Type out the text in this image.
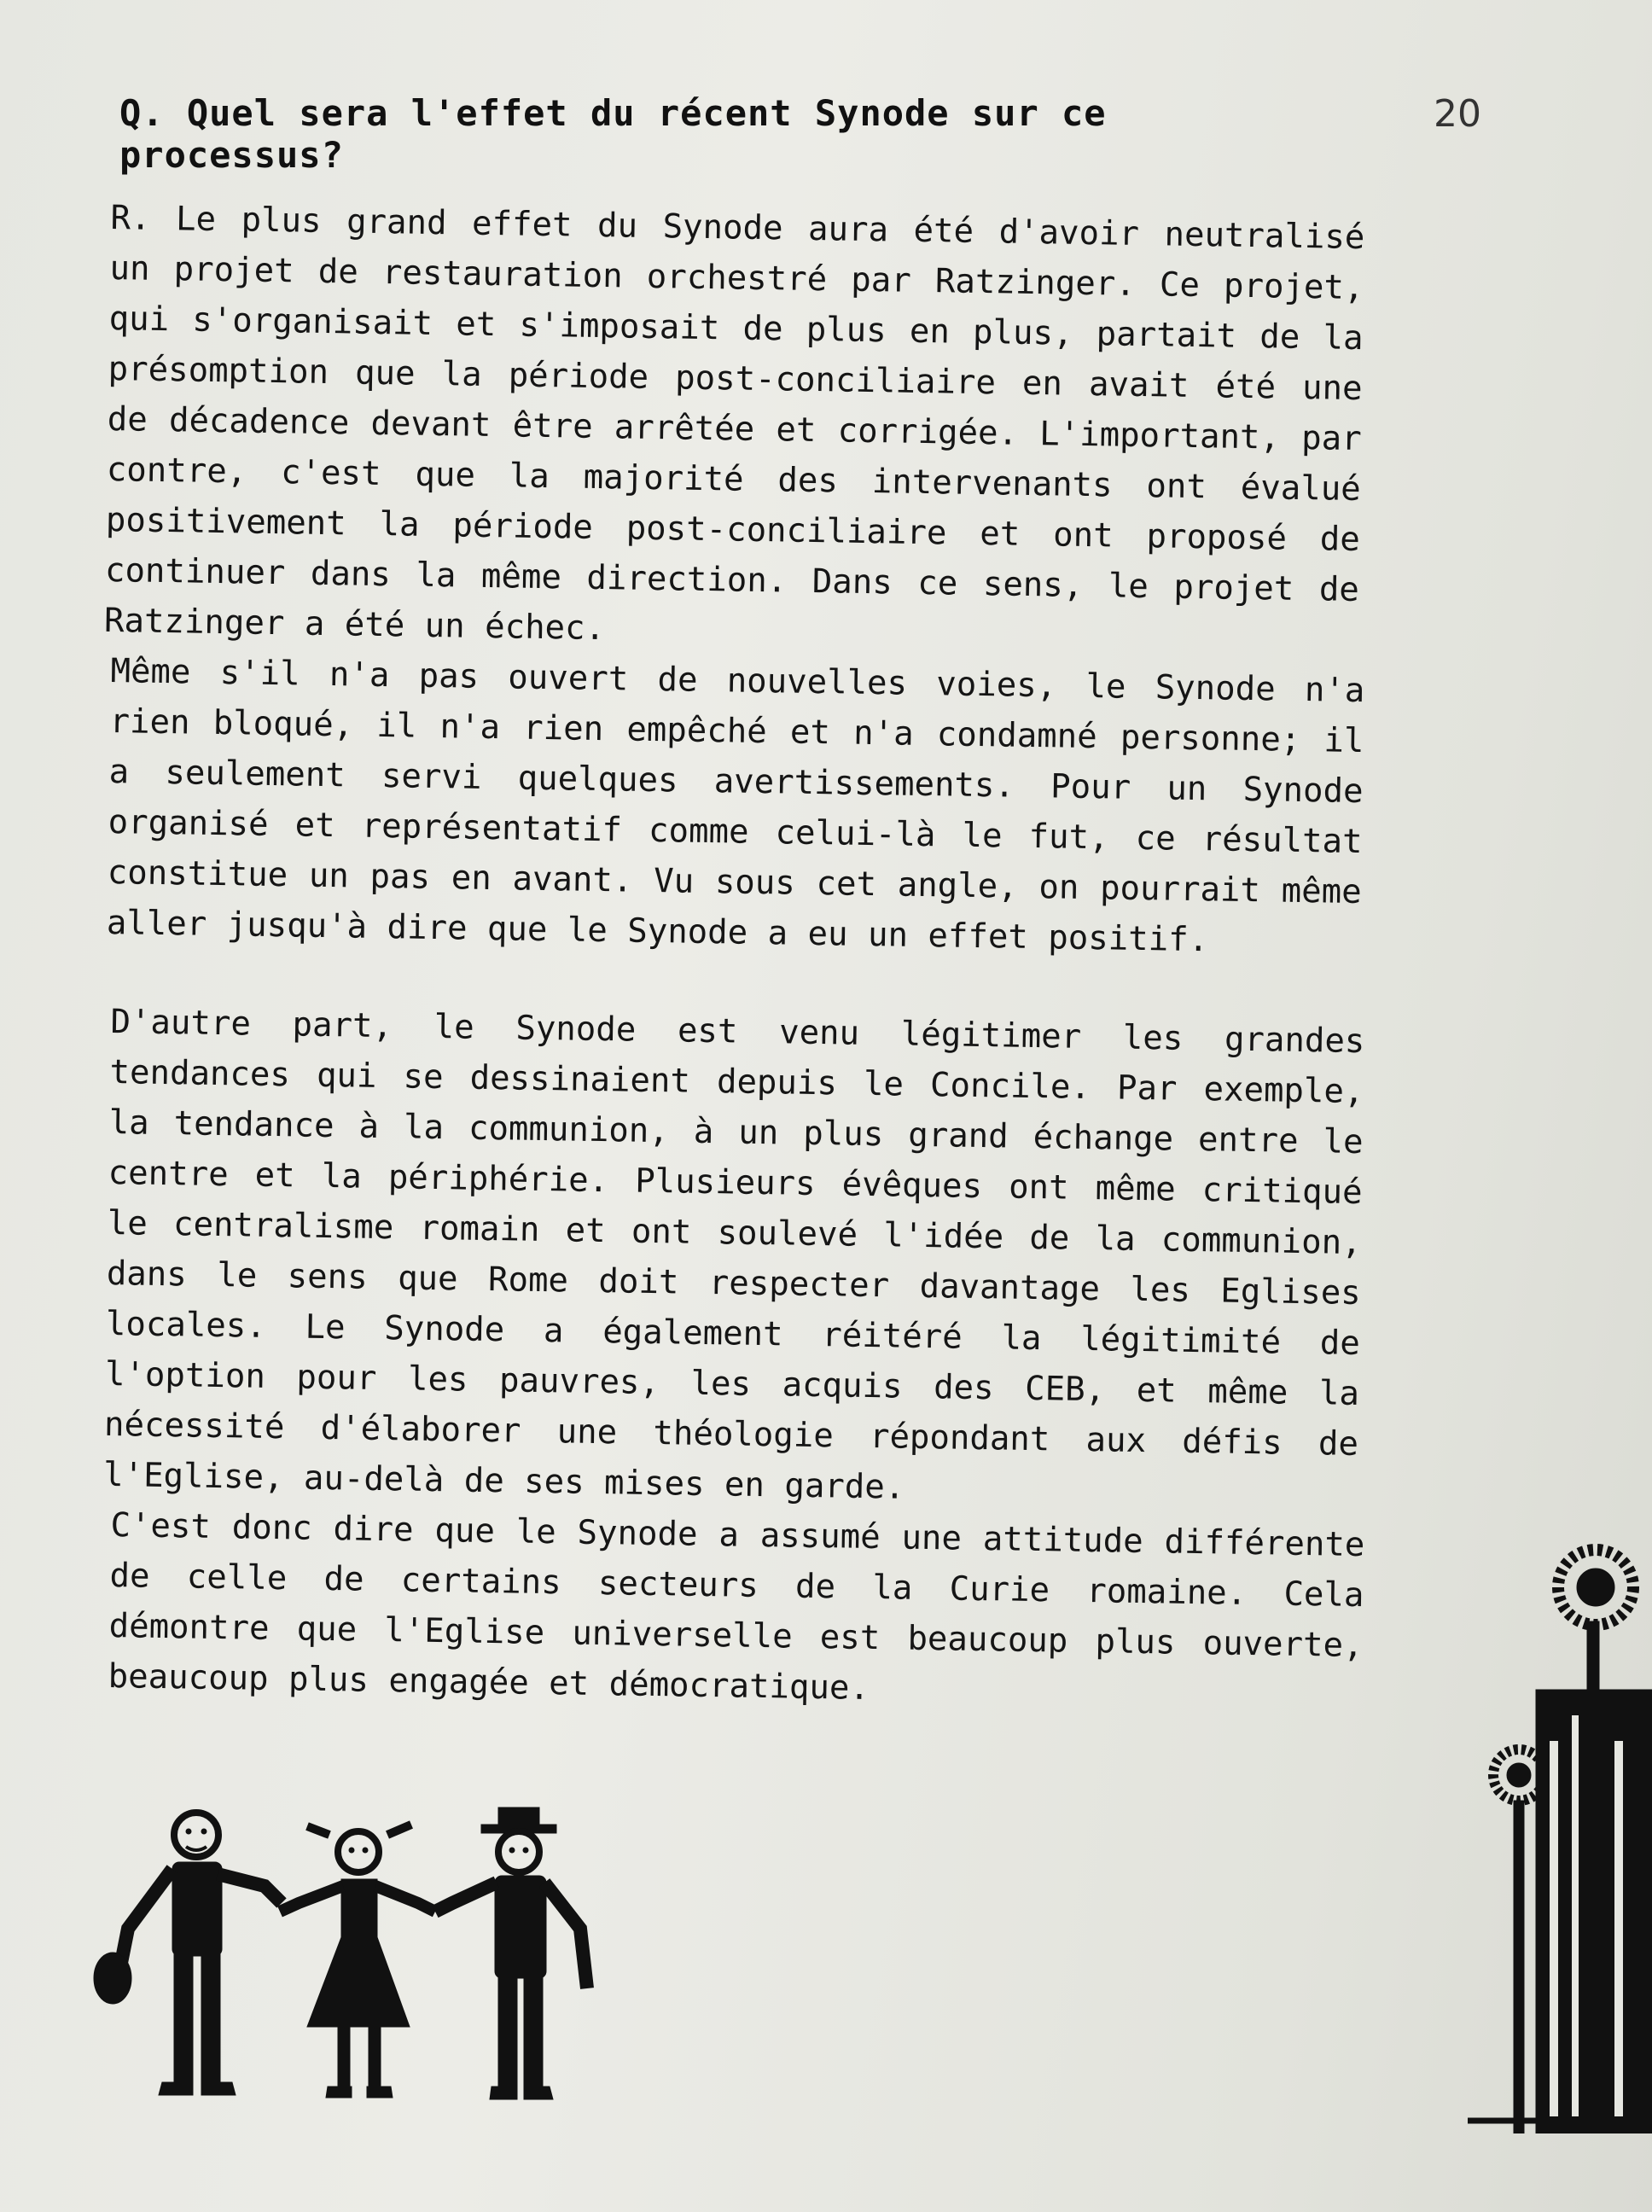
Q. Quel sera l'effet du récent Synode sur ce processus?
20
R. Le plus grand effet du Synode aura été d'avoir neutralisé un projet de restauration orchestré par Ratzinger. Ce projet, qui s'organisait et s'imposait de plus en plus, partait de la présomption que la période post-conciliaire en avait été une de décadence devant être arrêtée et corrigée. L'important, par contre, c'est que la majorité des intervenants ont évalué positivement la période post-conciliaire et ont proposé de continuer dans la même direction. Dans ce sens, le projet de Ratzinger a été un échec.
Même s'il n'a pas ouvert de nouvelles voies, le Synode n'a rien bloqué, il n'a rien empêché et n'a condamné personne; il a seulement servi quelques avertissements. Pour un Synode organisé et représentatif comme celui-là le fut, ce résultat constitue un pas en avant. Vu sous cet angle, on pourrait même aller jusqu'à dire que le Synode a eu un effet positif.
D'autre part, le Synode est venu légitimer les grandes tendances qui se dessinaient depuis le Concile. Par exemple, la tendance à la communion, à un plus grand échange entre le centre et la périphérie. Plusieurs évêques ont même critiqué le centralisme romain et ont soulevé l'idée de la communion, dans le sens que Rome doit respecter davantage les Eglises locales. Le Synode a également réitéré la légitimité de l'option pour les pauvres, les acquis des CEB, et même la nécessité d'élaborer une théologie répondant aux défis de l'Eglise, au-delà de ses mises en garde.
C'est donc dire que le Synode a assumé une attitude différente de celle de certains secteurs de la Curie romaine. Cela démontre que l'Eglise universelle est beaucoup plus ouverte, beaucoup plus engagée et démocratique.
